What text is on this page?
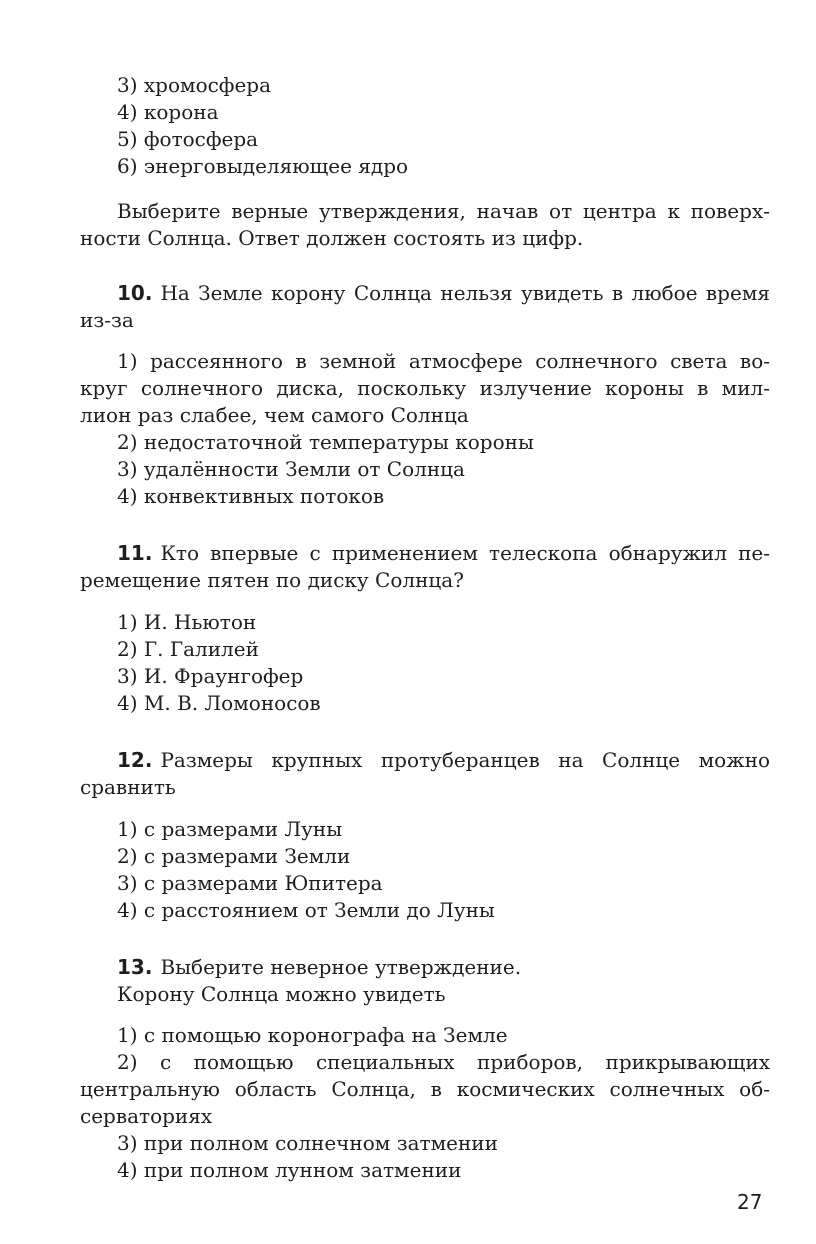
3) хромосфера
4) корона
5) фотосфера
6) энерговыделяющее ядро
Выберите верные утверждения, начав от центра к поверх-
ности Солнца. Ответ должен состоять из цифр.
10. На Земле корону Солнца нельзя увидеть в любое время
из-за
1) рассеянного в земной атмосфере солнечного света во-
круг солнечного диска, поскольку излучение короны в мил-
лион раз слабее, чем самого Солнца
2) недостаточной температуры короны
3) удалённости Земли от Солнца
4) конвективных потоков
11. Кто впервые с применением телескопа обнаружил пе-
ремещение пятен по диску Солнца?
1) И. Ньютон
2) Г. Галилей
3) И. Фраунгофер
4) М. В. Ломоносов
12. Размеры крупных протуберанцев на Солнце можно
сравнить
1) с размерами Луны
2) с размерами Земли
3) с размерами Юпитера
4) с расстоянием от Земли до Луны
13. Выберите неверное утверждение.
Корону Солнца можно увидеть
1) с помощью коронографа на Земле
2) с помощью специальных приборов, прикрывающих
центральную область Солнца, в космических солнечных об-
серваториях
3) при полном солнечном затмении
4) при полном лунном затмении
27
